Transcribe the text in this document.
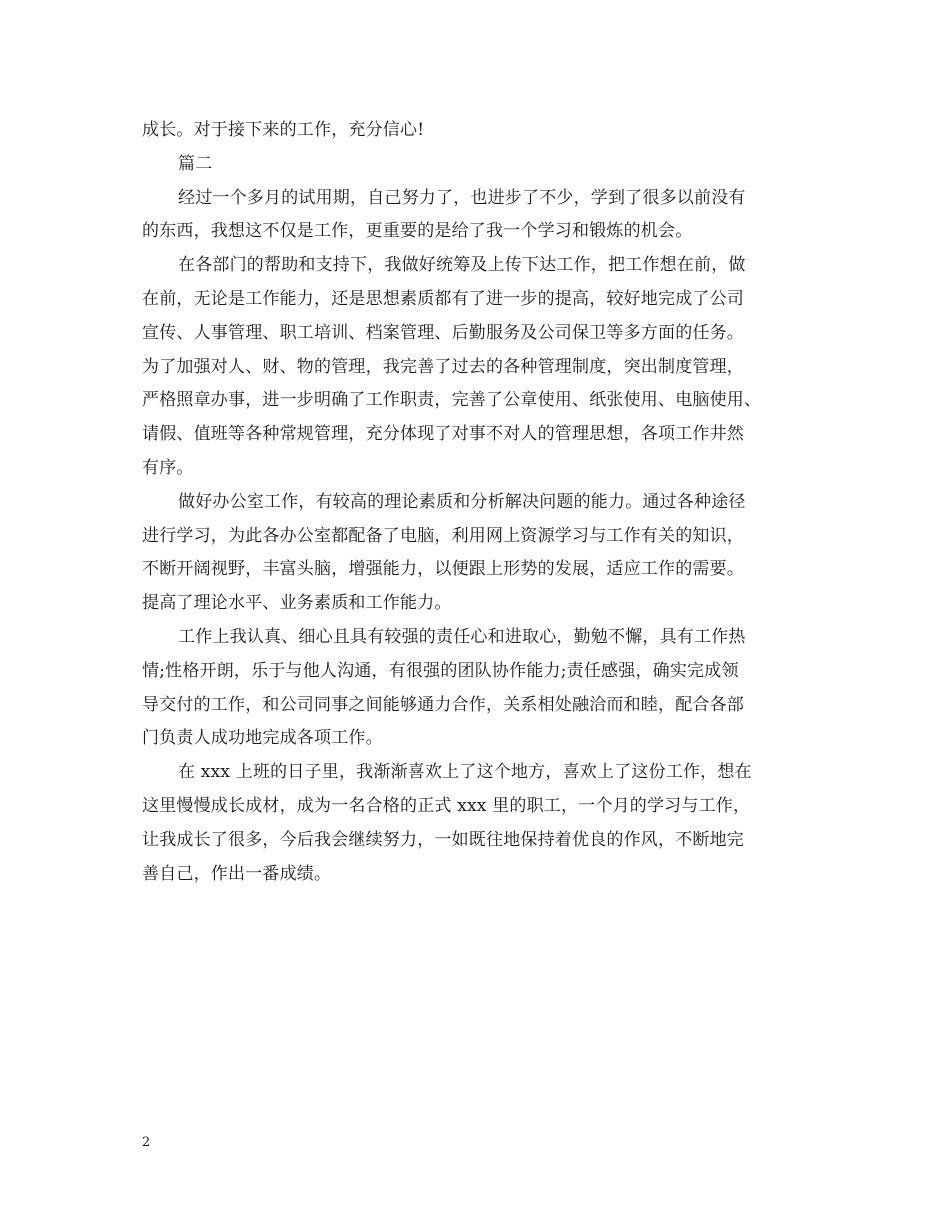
成长。对于接下来的工作，充分信心!
篇二
经过一个多月的试用期，自己努力了，也进步了不少，学到了很多以前没有
的东西，我想这不仅是工作，更重要的是给了我一个学习和锻炼的机会。
在各部门的帮助和支持下，我做好统筹及上传下达工作，把工作想在前，做
在前，无论是工作能力，还是思想素质都有了进一步的提高，较好地完成了公司
宣传、人事管理、职工培训、档案管理、后勤服务及公司保卫等多方面的任务。
为了加强对人、财、物的管理，我完善了过去的各种管理制度，突出制度管理，
严格照章办事，进一步明确了工作职责，完善了公章使用、纸张使用、电脑使用、
请假、值班等各种常规管理，充分体现了对事不对人的管理思想，各项工作井然
有序。
做好办公室工作，有较高的理论素质和分析解决问题的能力。通过各种途径
进行学习，为此各办公室都配备了电脑，利用网上资源学习与工作有关的知识，
不断开阔视野，丰富头脑，增强能力，以便跟上形势的发展，适应工作的需要。
提高了理论水平、业务素质和工作能力。
工作上我认真、细心且具有较强的责任心和进取心，勤勉不懈，具有工作热
情;性格开朗，乐于与他人沟通，有很强的团队协作能力;责任感强，确实完成领
导交付的工作，和公司同事之间能够通力合作，关系相处融洽而和睦，配合各部
门负责人成功地完成各项工作。
在 xxx 上班的日子里，我渐渐喜欢上了这个地方，喜欢上了这份工作，想在
这里慢慢成长成材，成为一名合格的正式 xxx 里的职工，一个月的学习与工作，
让我成长了很多，今后我会继续努力，一如既往地保持着优良的作风，不断地完
善自己，作出一番成绩。
2
